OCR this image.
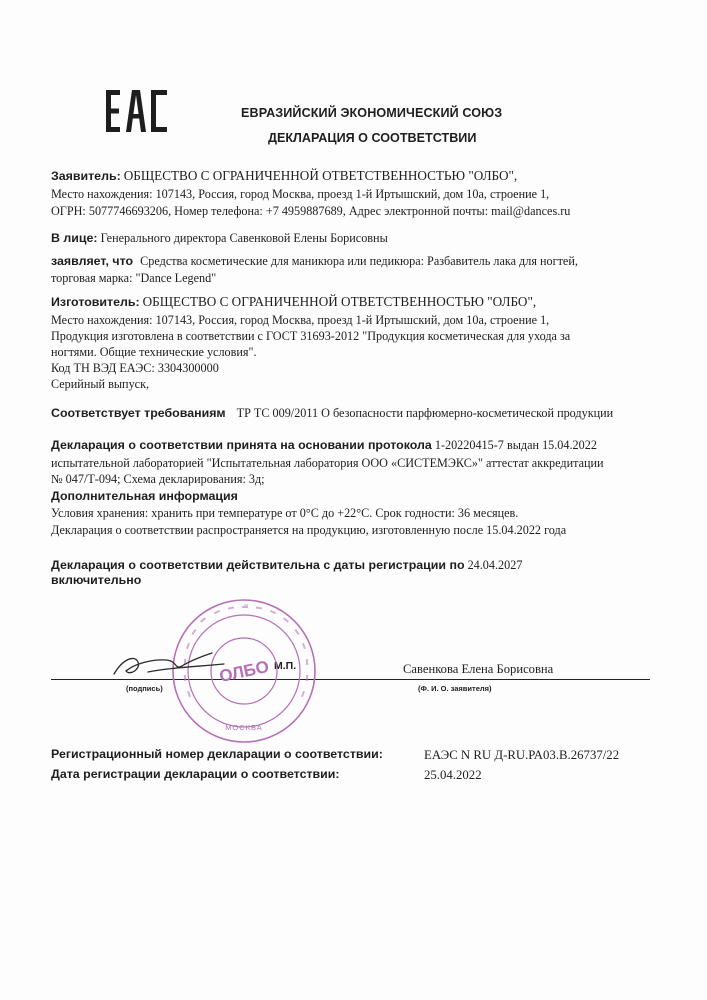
ЕВРАЗИЙСКИЙ ЭКОНОМИЧЕСКИЙ СОЮЗ
ДЕКЛАРАЦИЯ О СООТВЕТСТВИИ
Заявитель: ОБЩЕСТВО С ОГРАНИЧЕННОЙ ОТВЕТСТВЕННОСТЬЮ "ОЛБО",
Место нахождения: 107143, Россия, город Москва, проезд 1-й Иртышский, дом 10а, строение 1,
ОГРН: 5077746693206, Номер телефона: +7 4959887689, Адрес электронной почты: mail@dances.ru
В лице: Генерального директора Савенковой Елены Борисовны
заявляет, что Средства косметические для маникюра или педикюра: Разбавитель лака для ногтей,
торговая марка: "Dance Legend"
Изготовитель: ОБЩЕСТВО С ОГРАНИЧЕННОЙ ОТВЕТСТВЕННОСТЬЮ "ОЛБО",
Место нахождения: 107143, Россия, город Москва, проезд 1-й Иртышский, дом 10а, строение 1,
Продукция изготовлена в соответствии с ГОСТ 31693-2012 "Продукция косметическая для ухода за
ногтями. Общие технические условия".
Код ТН ВЭД ЕАЭС: 3304300000
Серийный выпуск,
Соответствует требованиям ТР ТС 009/2011 О безопасности парфюмерно-косметической продукции
Декларация о соответствии принята на основании протокола 1-20220415-7 выдан 15.04.2022
испытательной лабораторией "Испытательная лаборатория ООО «СИСТЕМЭКС»" аттестат аккредитации
№ 047/Т-094; Схема декларирования: 3д;
Дополнительная информация
Условия хранения: хранить при температуре от 0°С до +22°С. Срок годности: 36 месяцев.
Декларация о соответствии распространяется на продукцию, изготовленную после 15.04.2022 года
Декларация о соответствии действительна с даты регистрации по 24.04.2027
включительно
(подпись)	(Ф. И. О. заявителя)
Савенкова Елена Борисовна
М.П.
ОЛБО
МОСКВА
Регистрационный номер декларации о соответствии:	ЕАЭС N RU Д-RU.РА03.В.26737/22
Дата регистрации декларации о соответствии:	25.04.2022
